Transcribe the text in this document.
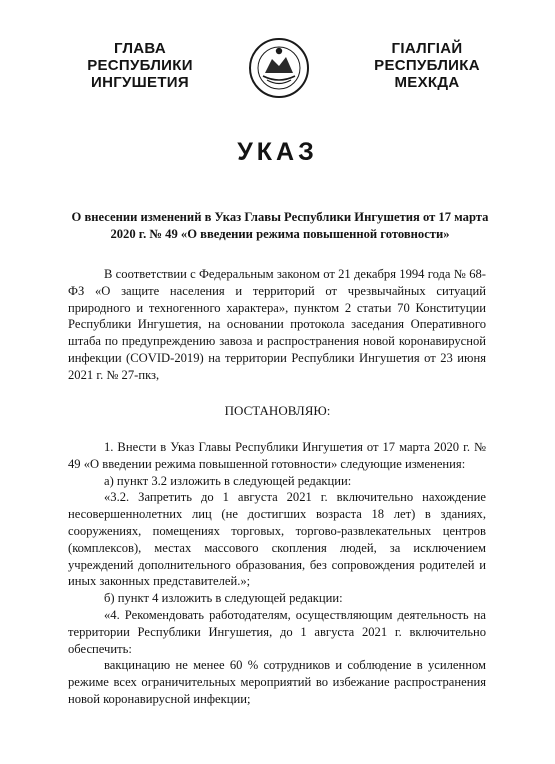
ГЛАВА
РЕСПУБЛИКИ
ИНГУШЕТИЯ
ГIАЛГIАЙ
РЕСПУБЛИКА
МЕХКДА
УКАЗ
О внесении изменений в Указ Главы Республики Ингушетия от 17 марта
2020 г. № 49 «О введении режима повышенной готовности»

В соответствии с Федеральным законом от 21 декабря 1994 года № 68-ФЗ «О защите населения и территорий от чрезвычайных ситуаций природного и техногенного характера», пунктом 2 статьи 70 Конституции Республики Ингушетия, на основании протокола заседания Оперативного штаба по предупреждению завоза и распространения новой коронавирусной инфекции (COVID-2019) на территории Республики Ингушетия от 23 июня 2021 г. № 27-пкз,

ПОСТАНОВЛЯЮ:

1. Внести в Указ Главы Республики Ингушетия от 17 марта 2020 г. № 49 «О введении режима повышенной готовности» следующие изменения:

а) пункт 3.2 изложить в следующей редакции:

«3.2. Запретить до 1 августа 2021 г. включительно нахождение несовершеннолетних лиц (не достигших возраста 18 лет) в зданиях, сооружениях, помещениях торговых, торгово-развлекательных центров (комплексов), местах массового скопления людей, за исключением учреждений дополнительного образования, без сопровождения родителей и иных законных представителей.»;

б) пункт 4 изложить в следующей редакции:

«4. Рекомендовать работодателям, осуществляющим деятельность на территории Республики Ингушетия, до 1 августа 2021 г. включительно обеспечить:

вакцинацию не менее 60 % сотрудников и соблюдение в усиленном режиме всех ограничительных мероприятий во избежание распространения новой коронавирусной инфекции;
